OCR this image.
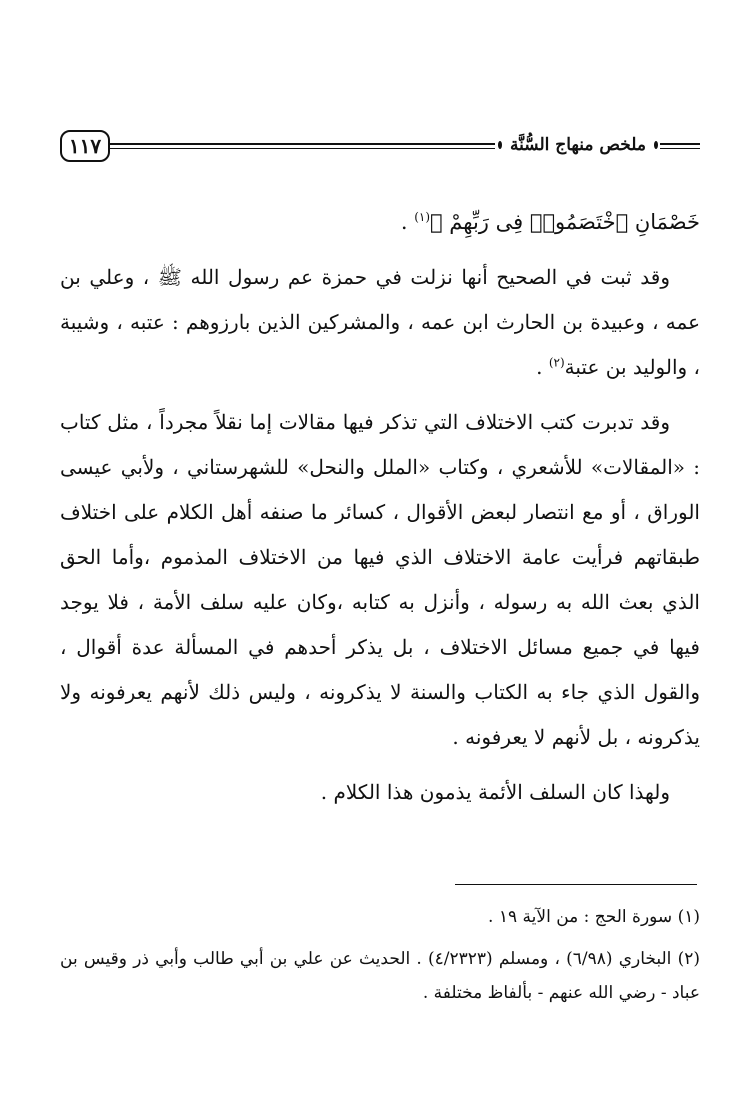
١١٧	ملخص منهاج السُّنَّة

خَصْمَانِ ٱخْتَصَمُوا۟ فِى رَبِّهِمْ ﴾$^{(١)}$ .

وقد ثبت في الصحيح أنها نزلت في حمزة عم رسول الله ﷺ ، وعلي بن عمه ، وعبيدة بن الحارث ابن عمه ، والمشركين الذين بارزوهم : عتبه ، وشيبة ، والوليد بن عتبة$^{(٢)}$ .

وقد تدبرت كتب الاختلاف التي تذكر فيها مقالات إما نقلاً مجرداً ، مثل كتاب : «المقالات» للأشعري ، وكتاب «الملل والنحل» للشهرستاني ، ولأبي عيسى الوراق ، أو مع انتصار لبعض الأقوال ، كسائر ما صنفه أهل الكلام على اختلاف طبقاتهم فرأيت عامة الاختلاف الذي فيها من الاختلاف المذموم ،وأما الحق الذي بعث الله به رسوله ، وأنزل به كتابه ،وكان عليه سلف الأمة ، فلا يوجد فيها في جميع مسائل الاختلاف ، بل يذكر أحدهم في المسألة عدة أقوال ، والقول الذي جاء به الكتاب والسنة لا يذكرونه ، وليس ذلك لأنهم يعرفونه ولا يذكرونه ، بل لأنهم لا يعرفونه .

ولهذا كان السلف الأئمة يذمون هذا الكلام .

(١) سورة الحج : من الآية ١٩ .

(٢) البخاري (٦/٩٨) ، ومسلم (٤/٢٣٢٣) . الحديث عن علي بن أبي طالب وأبي ذر وقيس بن عباد - رضي الله عنهم - بألفاظ مختلفة .
